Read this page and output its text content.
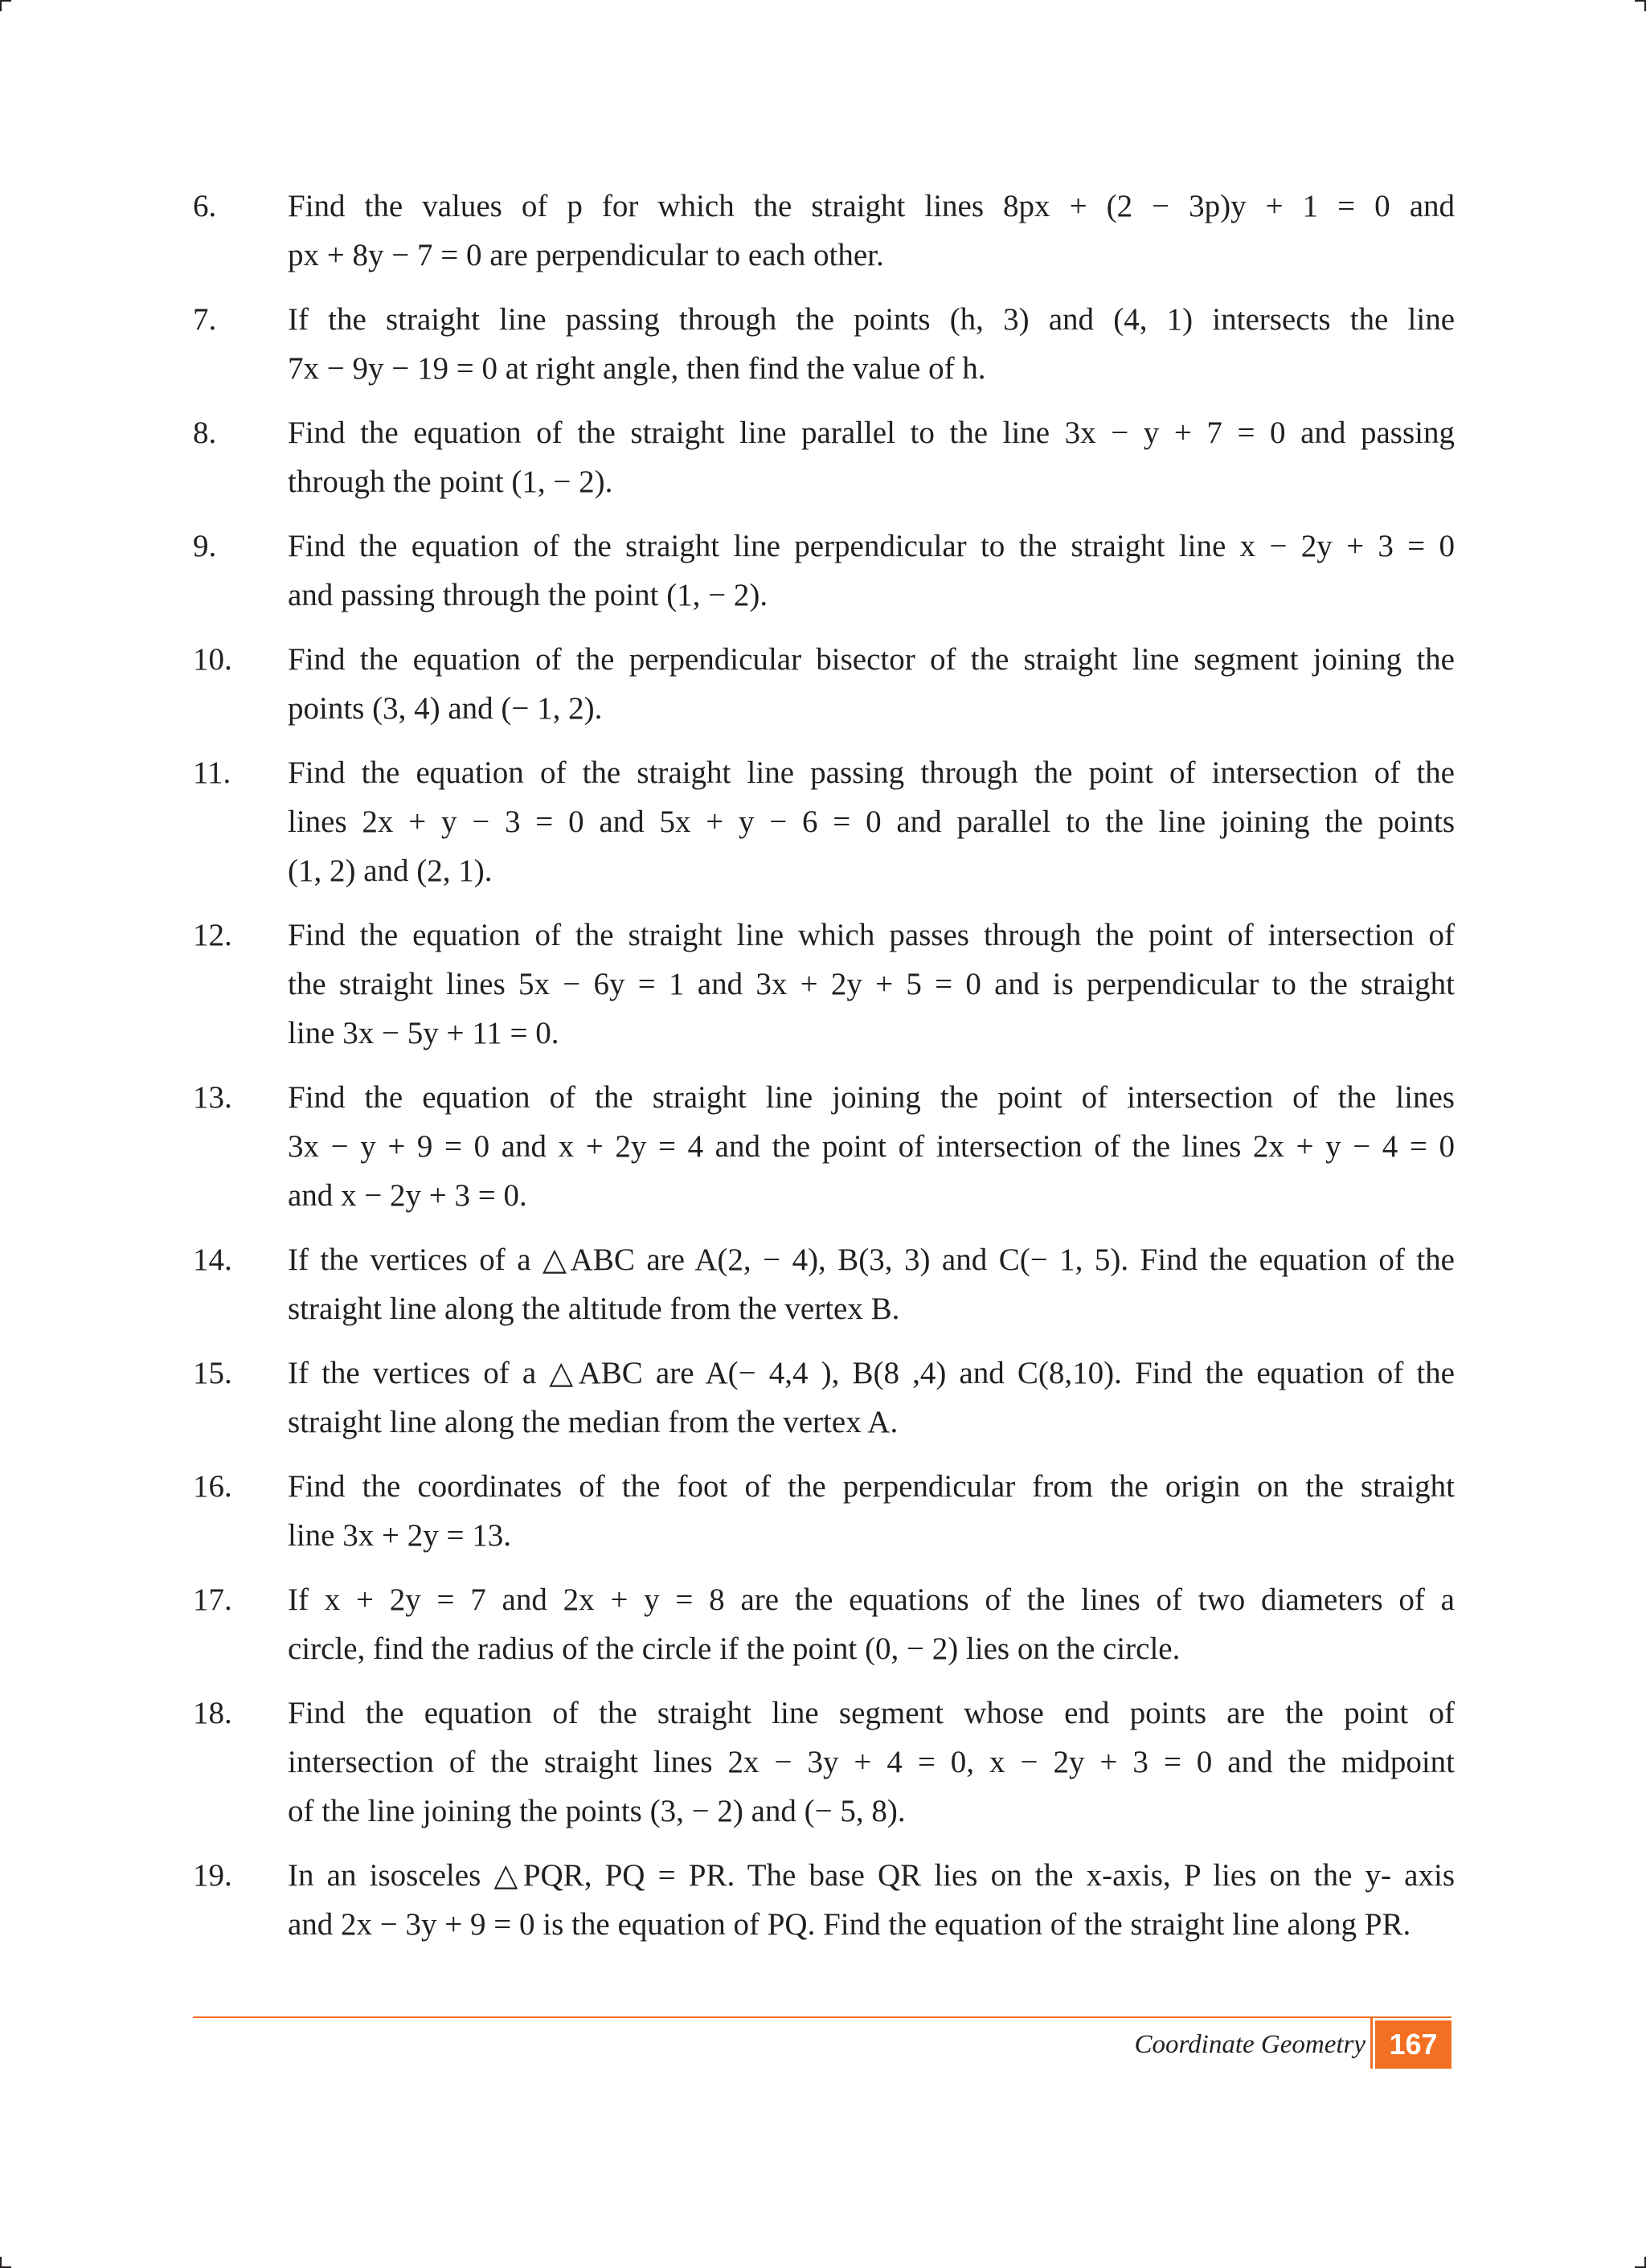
6.	Find the values of p for which the straight lines 8px + (2 − 3p)y + 1 = 0 and
px + 8y − 7 = 0 are perpendicular to each other.
7.	If the straight line passing through the points (h, 3) and (4, 1) intersects the line
7x − 9y − 19 = 0 at right angle, then find the value of h.
8.	Find the equation of the straight line parallel to the line 3x − y + 7 = 0 and passing
through the point (1, − 2).
9.	Find the equation of the straight line perpendicular to the straight line x − 2y + 3 = 0
and passing through the point (1, − 2).
10.	Find the equation of the perpendicular bisector of the straight line segment joining the
points (3, 4) and (− 1, 2).
11.	Find the equation of the straight line passing through the point of intersection of the
lines 2x + y − 3 = 0 and 5x + y − 6 = 0 and parallel to the line joining the points
(1, 2) and (2, 1).
12.	Find the equation of the straight line which passes through the point of intersection of
the straight lines 5x − 6y = 1 and 3x + 2y + 5 = 0 and is perpendicular to the straight
line 3x − 5y + 11 = 0.
13.	Find the equation of the straight line joining the point of intersection of the lines
3x − y + 9 = 0 and x + 2y = 4 and the point of intersection of the lines 2x + y − 4 = 0
and x − 2y + 3 = 0.
14.	If the vertices of a △ABC are A(2, − 4), B(3, 3) and C(− 1, 5). Find the equation of the
straight line along the altitude from the vertex B.
15.	If the vertices of a △ABC are A(− 4,4 ), B(8 ,4) and C(8,10). Find the equation of the
straight line along the median from the vertex A.
16.	Find the coordinates of the foot of the perpendicular from the origin on the straight
line 3x + 2y = 13.
17.	If x + 2y = 7 and 2x + y = 8 are the equations of the lines of two diameters of a
circle, find the radius of the circle if the point (0, − 2) lies on the circle.
18.	Find the equation of the straight line segment whose end points are the point of
intersection of the straight lines 2x − 3y + 4 = 0, x − 2y + 3 = 0 and the midpoint
of the line joining the points (3, − 2) and (− 5, 8).
19.	In an isosceles △PQR, PQ = PR. The base QR lies on the x-axis, P lies on the y- axis
and 2x − 3y + 9 = 0 is the equation of PQ. Find the equation of the straight line along PR.
Coordinate Geometry 167
